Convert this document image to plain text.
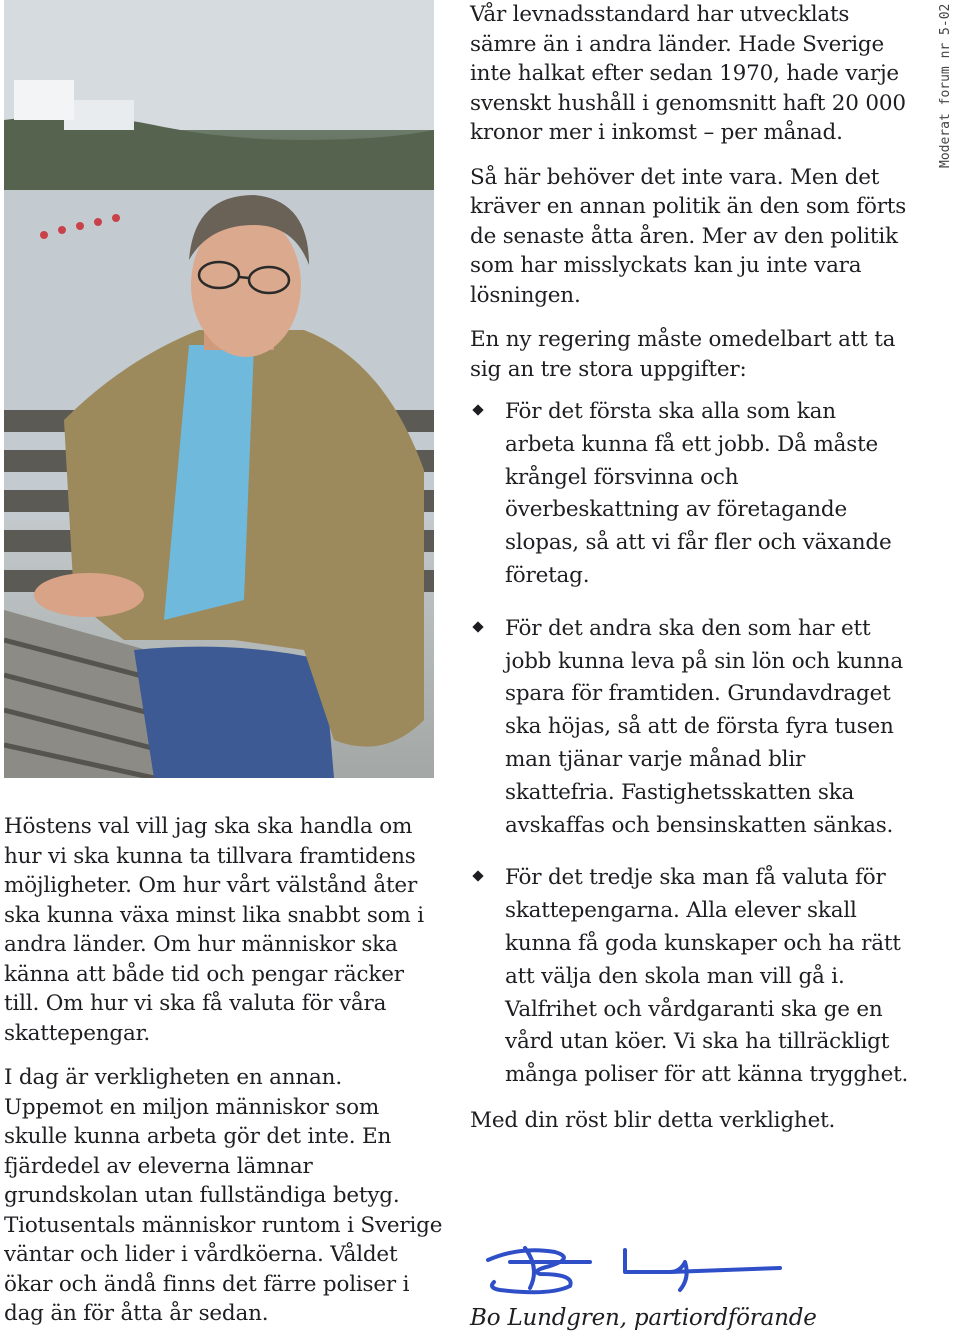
Höstens val vill jag ska ska handla om hur vi ska kunna ta tillvara framtidens möjligheter. Om hur vårt välstånd åter ska kunna växa minst lika snabbt som i andra länder. Om hur människor ska känna att både tid och pengar räcker till. Om hur vi ska få valuta för våra skattepengar.

I dag är verkligheten en annan. Uppemot en miljon människor som skulle kunna arbeta gör det inte. En fjärdedel av eleverna lämnar grundskolan utan fullständiga betyg. Tiotusentals människor runtom i Sverige väntar och lider i vårdköerna. Våldet ökar och ändå finns det färre poliser i dag än för åtta år sedan.

Vår levnadsstandard har utvecklats sämre än i andra länder. Hade Sverige inte halkat efter sedan 1970, hade varje svenskt hushåll i genomsnitt haft 20 000 kronor mer i inkomst – per månad.

Så här behöver det inte vara. Men det kräver en annan politik än den som förts de senaste åtta åren. Mer av den politik som har misslyckats kan ju inte vara lösningen.

En ny regering måste omedelbart att ta sig an tre stora uppgifter:

För det första ska alla som kan arbeta kunna få ett jobb. Då måste krångel försvinna och överbeskattning av företagande slopas, så att vi får fler och växande företag.
För det andra ska den som har ett jobb kunna leva på sin lön och kunna spara för framtiden. Grundavdraget ska höjas, så att de första fyra tusen man tjänar varje månad blir skattefria. Fastighetsskatten ska avskaffas och bensinskatten sänkas.
För det tredje ska man få valuta för skattepengarna. Alla elever skall kunna få goda kunskaper och ha rätt att välja den skola man vill gå i. Valfrihet och vårdgaranti ska ge en vård utan köer. Vi ska ha tillräckligt många poliser för att känna trygghet.

Med din röst blir detta verklighet.

Bo Lundgren, partiordförande
Moderat forum nr 5-02
